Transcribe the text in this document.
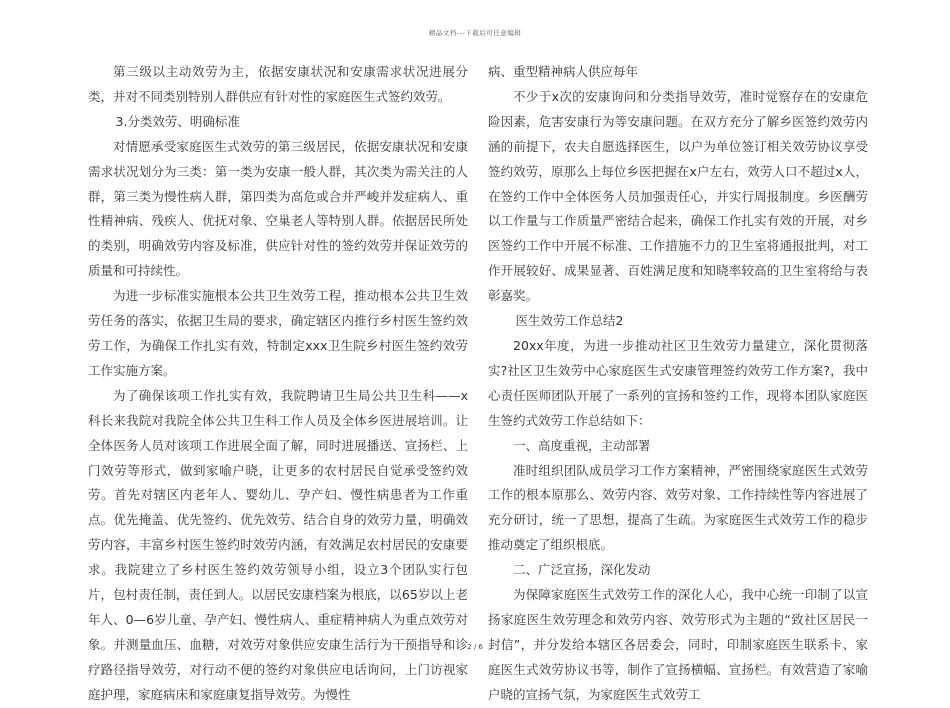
精品文档---下载后可任意编辑

第三级以主动效劳为主，依据安康状况和安康需求状况进展分类，并对不同类别特别人群供应有针对性的家庭医生式签约效劳。

3.分类效劳、明确标准

对情愿承受家庭医生式效劳的第三级居民，依据安康状况和安康需求状况划分为三类：第一类为安康一般人群，其次类为需关注的人群，第三类为慢性病人群，第四类为高危或合并严峻并发症病人、重性精神病、残疾人、优抚对象、空巢老人等特别人群。依据居民所处的类别，明确效劳内容及标准，供应针对性的签约效劳并保证效劳的质量和可持续性。

为进一步标准实施根本公共卫生效劳工程，推动根本公共卫生效劳任务的落实，依据卫生局的要求，确定辖区内推行乡村医生签约效劳工作，为确保工作扎实有效，特制定xxx卫生院乡村医生签约效劳工作实施方案。

为了确保该项工作扎实有效，我院聘请卫生局公共卫生科——x科长来我院对我院全体公共卫生科工作人员及全体乡医进展培训。让全体医务人员对该项工作进展全面了解，同时进展播送、宣扬栏、上门效劳等形式，做到家喻户晓，让更多的农村居民自觉承受签约效劳。首先对辖区内老年人、婴幼儿、孕产妇、慢性病患者为工作重点。优先掩盖、优先签约、优先效劳、结合自身的效劳力量，明确效劳内容，丰富乡村医生签约时效劳内涵，有效满足农村居民的安康要求。我院建立了乡村医生签约效劳领导小组，设立3个团队实行包片，包村责任制，责任到人。以居民安康档案为根底，以65岁以上老年人、0—6岁儿童、孕产妇、慢性病人、重症精神病人为重点效劳对象。并测量血压、血糖，对效劳对象供应安康生活行为干预指导和诊疗路径指导效劳，对行动不便的签约对象供应电话询问，上门访视家庭护理，家庭病床和家庭康复指导效劳。为慢性

病、重型精神病人供应每年

不少于x次的安康询问和分类指导效劳，准时觉察存在的安康危险因素，危害安康行为等安康问题。在双方充分了解乡医签约效劳内涵的前提下，农夫自愿选择医生，以户为单位签订相关效劳协议享受签约效劳，原那么上每位乡医把握在x户左右，效劳人口不超过x人，在签约工作中全体医务人员加强责任心，并实行周报制度。乡医酬劳以工作量与工作质量严密结合起来，确保工作扎实有效的开展，对乡医签约工作中开展不标准、工作措施不力的卫生室将通报批判，对工作开展较好、成果显著、百姓满足度和知晓率较高的卫生室将给与表彰嘉奖。

医生效劳工作总结2

20xx年度，为进一步推动社区卫生效劳力量建立，深化贯彻落实?社区卫生效劳中心家庭医生式安康管理签约效劳工作方案?，我中心责任医师团队开展了一系列的宣扬和签约工作，现将本团队家庭医生签约式效劳工作总结如下：

一、高度重视，主动部署

准时组织团队成员学习工作方案精神，严密围绕家庭医生式效劳工作的根本原那么、效劳内容、效劳对象、工作持续性等内容进展了充分研讨，统一了思想，提高了生疏。为家庭医生式效劳工作的稳步推动奠定了组织根底。

二、广泛宣扬，深化发动

为保障家庭医生式效劳工作的深化人心，我中心统一印制了以宣扬家庭医生效劳理念和效劳内容、效劳形式为主题的“致社区居民一封信”，并分发给本辖区各居委会，同时，印制家庭医生联系卡、家庭医生式效劳协议书等，制作了宣扬横幅、宣扬栏。有效营造了家喻户晓的宣扬气氛，为家庭医生式效劳工

2 / 6
